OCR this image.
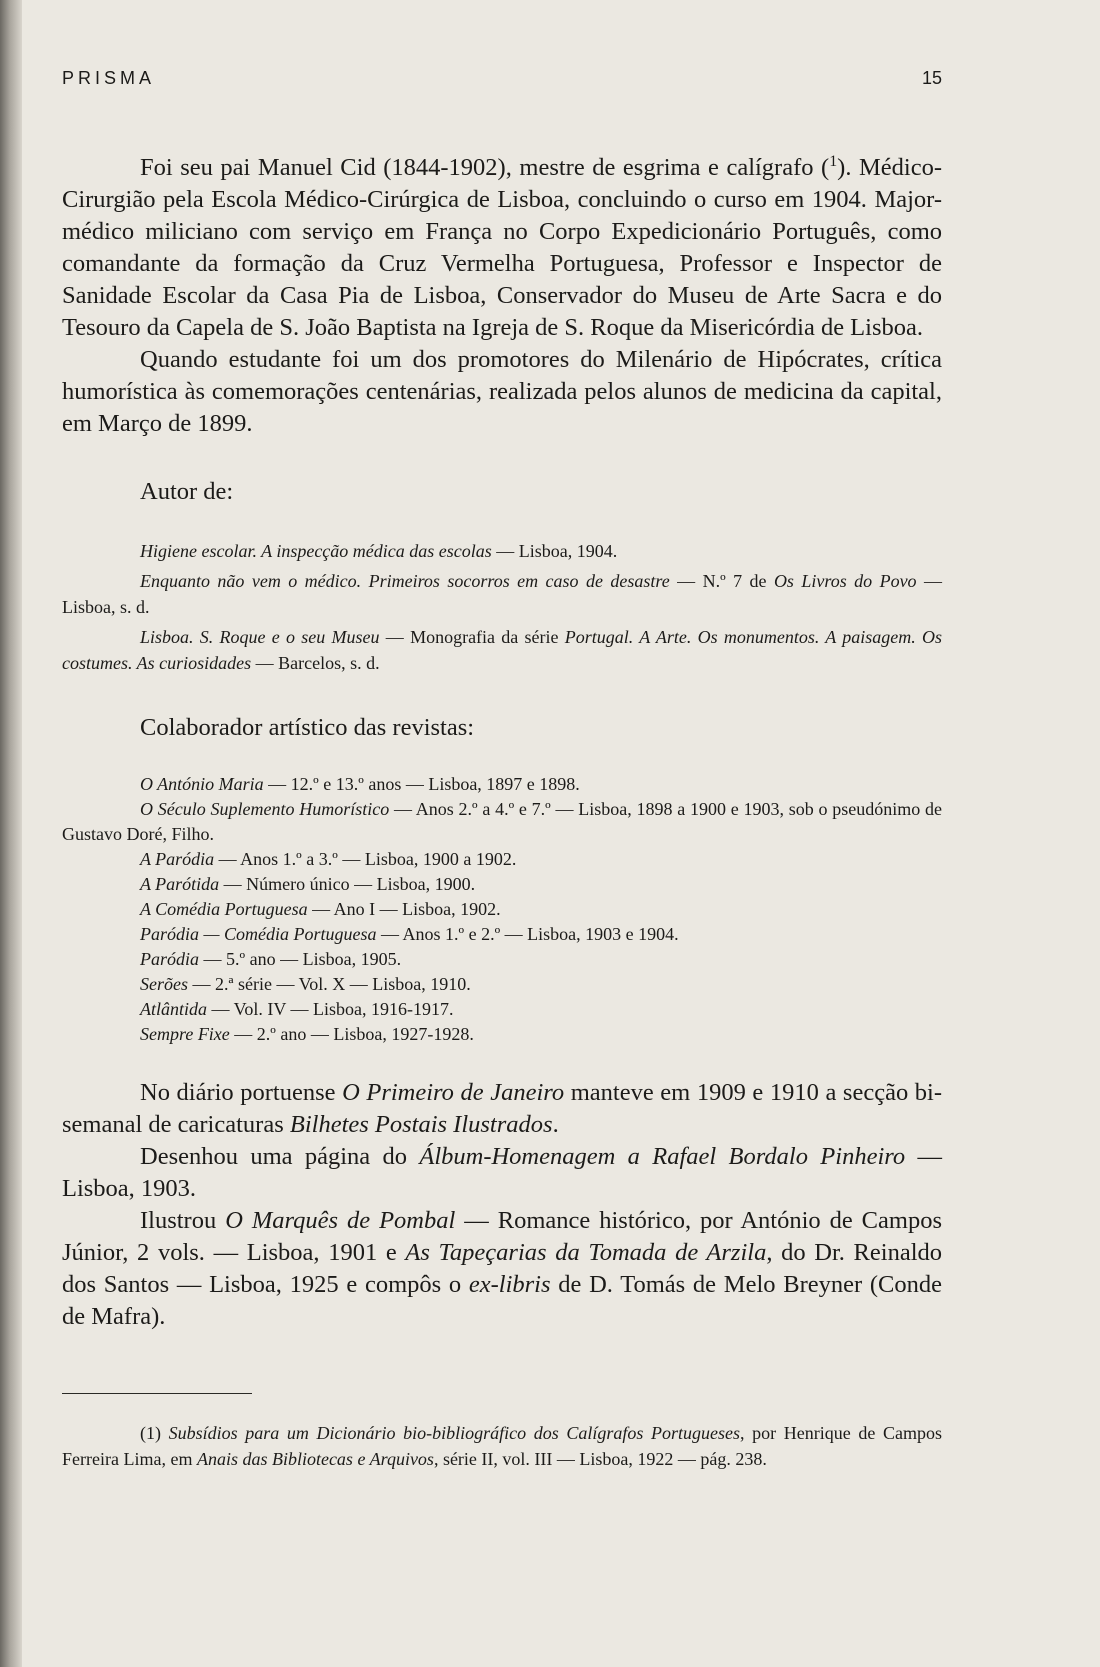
PRISMA	15

Foi seu pai Manuel Cid (1844-1902), mestre de esgrima e calígrafo ($^1$). Médico-Cirurgião pela Escola Médico-Cirúrgica de Lisboa, concluindo o curso em 1904. Major-médico miliciano com serviço em França no Corpo Expedicionário Português, como comandante da formação da Cruz Vermelha Portuguesa, Professor e Inspector de Sanidade Escolar da Casa Pia de Lisboa, Conservador do Museu de Arte Sacra e do Tesouro da Capela de S. João Baptista na Igreja de S. Roque da Misericórdia de Lisboa.

Quando estudante foi um dos promotores do Milenário de Hipócrates, crítica humorística às comemorações centenárias, realizada pelos alunos de medicina da capital, em Março de 1899.

Autor de:

Higiene escolar. A inspecção médica das escolas — Lisboa, 1904.

Enquanto não vem o médico. Primeiros socorros em caso de desastre — N.º 7 de Os Livros do Povo — Lisboa, s. d.

Lisboa. S. Roque e o seu Museu — Monografia da série Portugal. A Arte. Os monumentos. A paisagem. Os costumes. As curiosidades — Barcelos, s. d.

Colaborador artístico das revistas:

O António Maria — 12.º e 13.º anos — Lisboa, 1897 e 1898.

O Século Suplemento Humorístico — Anos 2.º a 4.º e 7.º — Lisboa, 1898 a 1900 e 1903, sob o pseudónimo de Gustavo Doré, Filho.

A Paródia — Anos 1.º a 3.º — Lisboa, 1900 a 1902.

A Parótida — Número único — Lisboa, 1900.

A Comédia Portuguesa — Ano I — Lisboa, 1902.

Paródia — Comédia Portuguesa — Anos 1.º e 2.º — Lisboa, 1903 e 1904.

Paródia — 5.º ano — Lisboa, 1905.

Serões — 2.ª série — Vol. X — Lisboa, 1910.

Atlântida — Vol. IV — Lisboa, 1916-1917.

Sempre Fixe — 2.º ano — Lisboa, 1927-1928.

No diário portuense O Primeiro de Janeiro manteve em 1909 e 1910 a secção bi-semanal de caricaturas Bilhetes Postais Ilustrados.

Desenhou uma página do Álbum-Homenagem a Rafael Bordalo Pinheiro — Lisboa, 1903.

Ilustrou O Marquês de Pombal — Romance histórico, por António de Campos Júnior, 2 vols. — Lisboa, 1901 e As Tapeçarias da Tomada de Arzila, do Dr. Reinaldo dos Santos — Lisboa, 1925 e compôs o ex-libris de D. Tomás de Melo Breyner (Conde de Mafra).

(1) Subsídios para um Dicionário bio-bibliográfico dos Calígrafos Portugueses, por Henrique de Campos Ferreira Lima, em Anais das Bibliotecas e Arquivos, série II, vol. III — Lisboa, 1922 — pág. 238.
